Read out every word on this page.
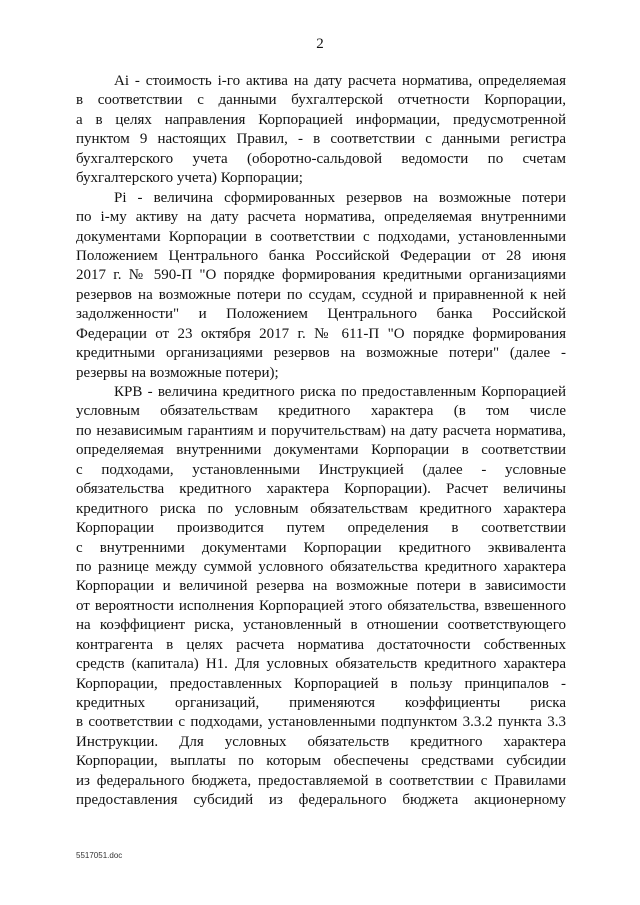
2
Ai - стоимость i-го актива на дату расчета норматива, определяемая
в соответствии с данными бухгалтерской отчетности Корпорации,
а в целях направления Корпорацией информации, предусмотренной
пунктом 9 настоящих Правил, - в соответствии с данными регистра
бухгалтерского учета (оборотно-сальдовой ведомости по счетам
бухгалтерского учета) Корпорации;
Pi - величина сформированных резервов на возможные потери
по i-му активу на дату расчета норматива, определяемая внутренними
документами Корпорации в соответствии с подходами, установленными
Положением Центрального банка Российской Федерации от 28 июня
2017 г. № 590-П "О порядке формирования кредитными организациями
резервов на возможные потери по ссудам, ссудной и приравненной к ней
задолженности" и Положением Центрального банка Российской
Федерации от 23 октября 2017 г. № 611-П "О порядке формирования
кредитными организациями резервов на возможные потери" (далее -
резервы на возможные потери);
КРВ - величина кредитного риска по предоставленным Корпорацией
условным обязательствам кредитного характера (в том числе
по независимым гарантиям и поручительствам) на дату расчета норматива,
определяемая внутренними документами Корпорации в соответствии
с подходами, установленными Инструкцией (далее - условные
обязательства кредитного характера Корпорации). Расчет величины
кредитного риска по условным обязательствам кредитного характера
Корпорации производится путем определения в соответствии
с внутренними документами Корпорации кредитного эквивалента
по разнице между суммой условного обязательства кредитного характера
Корпорации и величиной резерва на возможные потери в зависимости
от вероятности исполнения Корпорацией этого обязательства, взвешенного
на коэффициент риска, установленный в отношении соответствующего
контрагента в целях расчета норматива достаточности собственных
средств (капитала) H1. Для условных обязательств кредитного характера
Корпорации, предоставленных Корпорацией в пользу принципалов -
кредитных организаций, применяются коэффициенты риска
в соответствии с подходами, установленными подпунктом 3.3.2 пункта 3.3
Инструкции. Для условных обязательств кредитного характера
Корпорации, выплаты по которым обеспечены средствами субсидии
из федерального бюджета, предоставляемой в соответствии с Правилами
предоставления субсидий из федерального бюджета акционерному
5517051.doc
